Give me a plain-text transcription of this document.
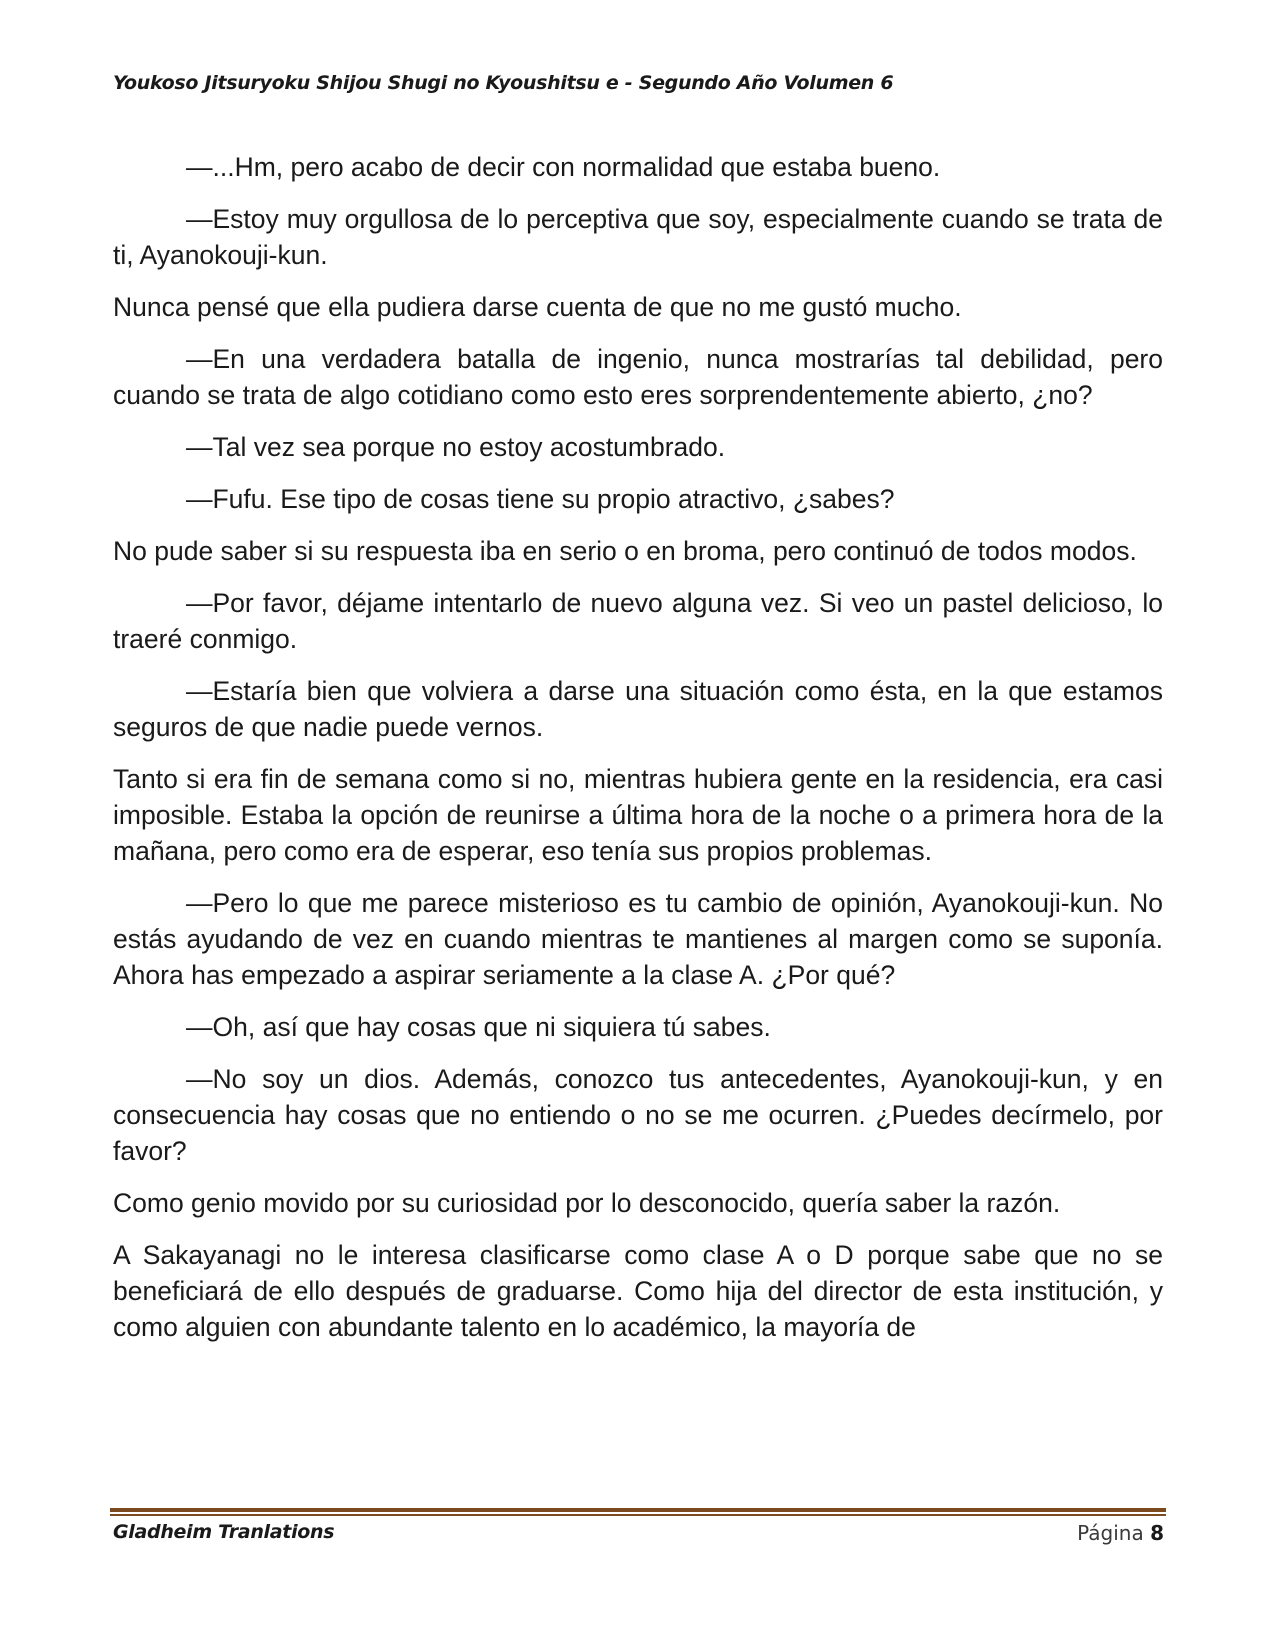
Youkoso Jitsuryoku Shijou Shugi no Kyoushitsu e - Segundo Año Volumen 6

—...Hm, pero acabo de decir con normalidad que estaba bueno.

—Estoy muy orgullosa de lo perceptiva que soy, especialmente cuando se trata de ti, Ayanokouji-kun.

Nunca pensé que ella pudiera darse cuenta de que no me gustó mucho.

—En una verdadera batalla de ingenio, nunca mostrarías tal debilidad, pero cuando se trata de algo cotidiano como esto eres sorprendentemente abierto, ¿no?

—Tal vez sea porque no estoy acostumbrado.

—Fufu. Ese tipo de cosas tiene su propio atractivo, ¿sabes?

No pude saber si su respuesta iba en serio o en broma, pero continuó de todos modos.

—Por favor, déjame intentarlo de nuevo alguna vez. Si veo un pastel delicioso, lo traeré conmigo.

—Estaría bien que volviera a darse una situación como ésta, en la que estamos seguros de que nadie puede vernos.

Tanto si era fin de semana como si no, mientras hubiera gente en la residencia, era casi imposible. Estaba la opción de reunirse a última hora de la noche o a primera hora de la mañana, pero como era de esperar, eso tenía sus propios problemas.

—Pero lo que me parece misterioso es tu cambio de opinión, Ayanokouji-kun. No estás ayudando de vez en cuando mientras te mantienes al margen como se suponía. Ahora has empezado a aspirar seriamente a la clase A. ¿Por qué?

—Oh, así que hay cosas que ni siquiera tú sabes.

—No soy un dios. Además, conozco tus antecedentes, Ayanokouji-kun, y en consecuencia hay cosas que no entiendo o no se me ocurren. ¿Puedes decírmelo, por favor?

Como genio movido por su curiosidad por lo desconocido, quería saber la razón.

A Sakayanagi no le interesa clasificarse como clase A o D porque sabe que no se beneficiará de ello después de graduarse. Como hija del director de esta institución, y como alguien con abundante talento en lo académico, la mayoría de

Gladheim Tranlations	Página 8
